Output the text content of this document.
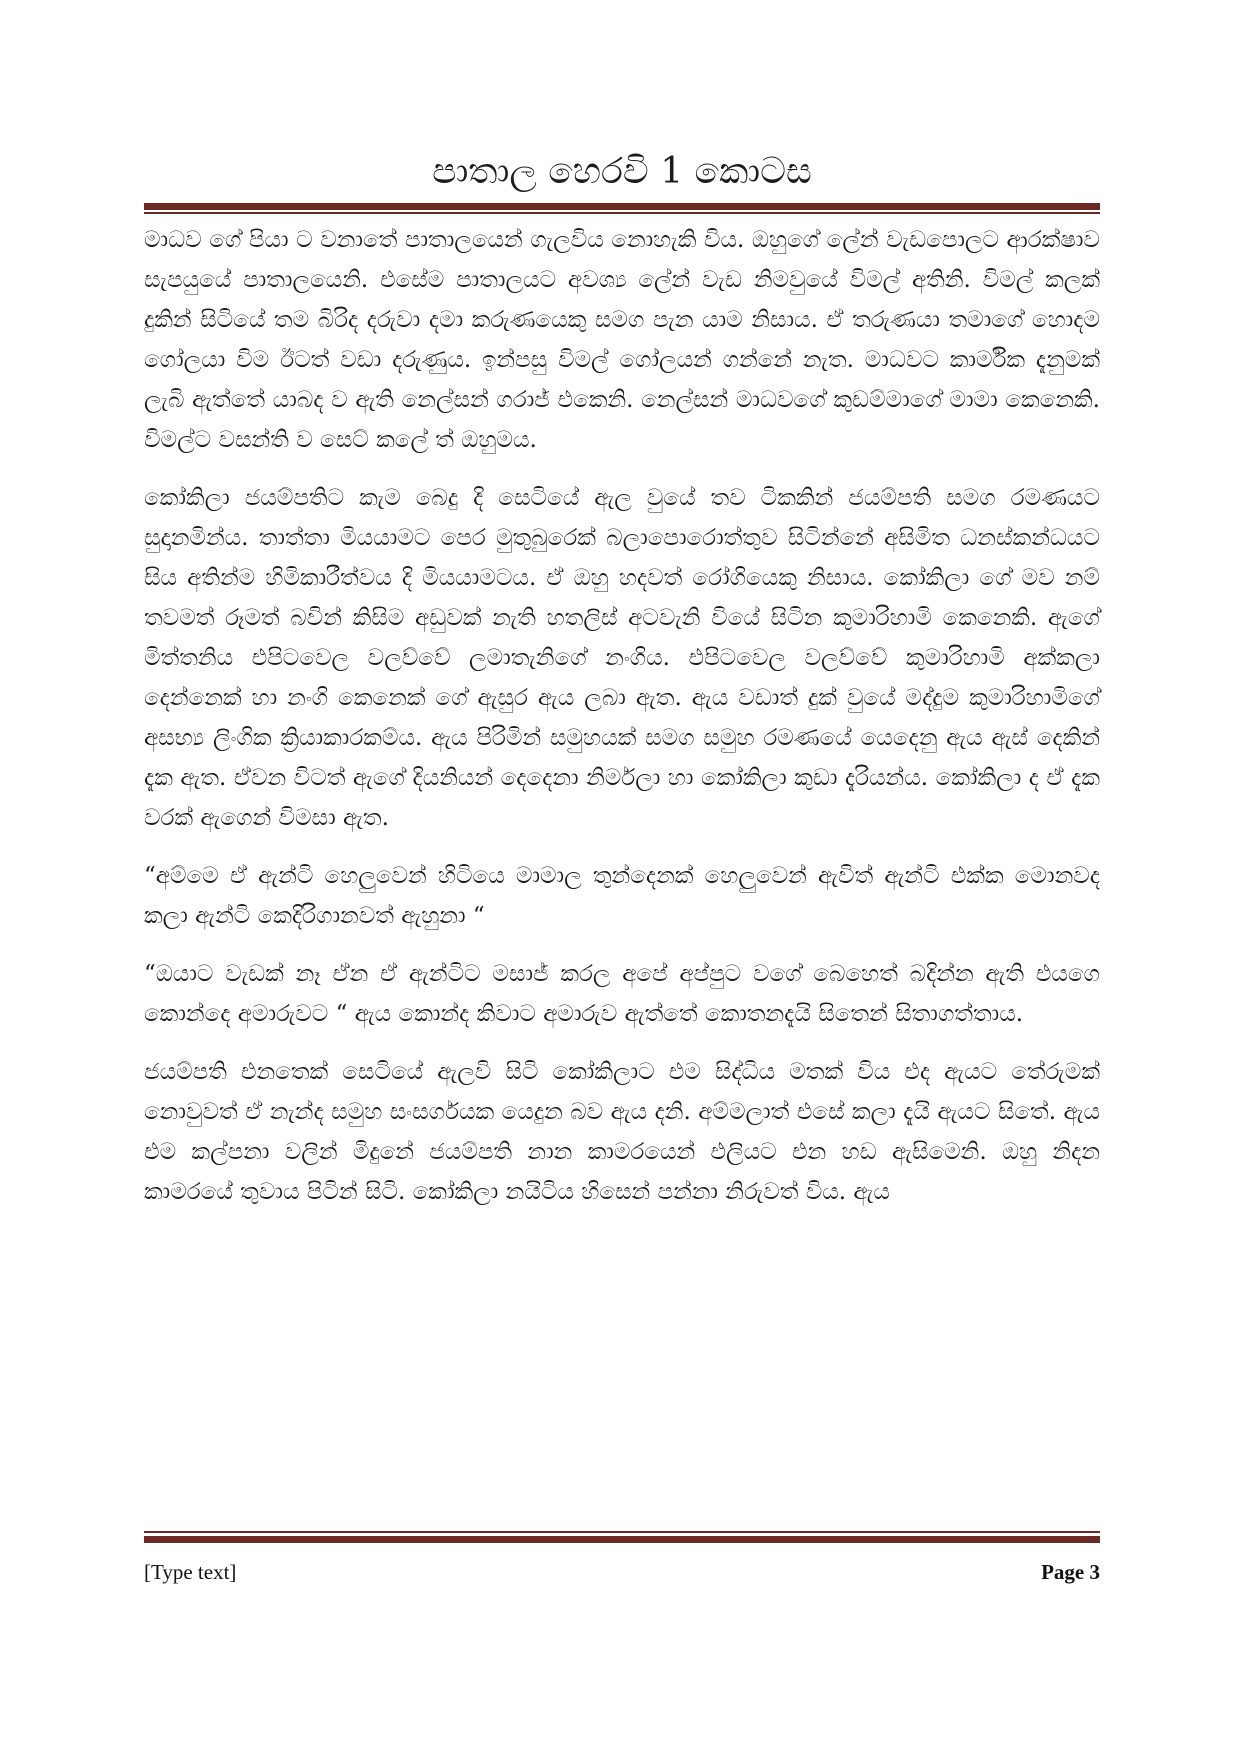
පාතාල හෙරවි 1 කොටස

මාධව ගේ පියා ට වනාතේ පාතාලයෙන් ගැලවිය නොහැකි විය. ඔහුගේ ලේන් වැඩපොලට ආරක්ෂාව සැපයුයේ පාතාලයෙනි. එසේම පාතාලයට අවශ්‍ය ලේන් වැඩ නිමවුයේ විමල් අතිනි. විමල් කලක් දුකින් සිටියේ තම බිරිද දරුවා දමා කරුණයෙකු සමග පැන යාම නිසාය. ඒ තරුණයා තමාගේ හොදම ගෝලයා විම ඊටත් වඩා දරුණුය. ඉන්පසු විමල් ගෝලයන් ගන්නේ නැත. මාධවට කාර්මික දැනුමක් ලැබි ඇත්තේ යාබද ව ඇති නෙල්සන් ගරාජ් එකෙනි. නෙල්සන් මාධවගේ කුඩම්මාගේ මාමා කෙනෙකි. විමල්ට වසන්ති ව සෙට් කලේ ත් ඔහුමය.

කෝකිලා ජයම්පතිට කැම බෙදු දි සෙටියේ ඇල වුයේ තව ටිකකින් ජයම්පති සමග රමණයට සුදානමින්ය. තාත්තා මියයාමට පෙර මුතුබුරෙක් බලාපොරොත්තුව සිටින්නේ අසිමිත ධනස්කන්ධයට සිය අතින්ම හිමිකාරීත්වය දි මියයාමටය. ඒ ඔහු හදවත් රෝගියෙකු නිසාය. කෝකිලා ගේ මව නම් තවමත් රූමත් බවින් කිසිම අඩුවක් නැති හතලිස් අටවැනි වියේ සිටින කුමාරිහාමි කෙනෙකි. ඇගේ මිත්තනිය එපිටවෙල වලව්වේ ලමාතැනිගේ නංගිය. එපිටවෙල වලව්වේ කුමාරිහාමි අක්කලා දෙන්නෙක් හා නංගි කෙනෙක් ගේ ඇසුර ඇය ලබා ඇත. ඇය වඩාත් දුක් වුයේ මද්දුම කුමාරිහාමිගේ අසභ්‍ය ලිංගික ක්‍රියාකාරකම්ය. ඇය පිරිමින් සමුහයක් සමග සමුහ රමණයේ යෙදෙනු ඇය ඇස් දෙකින් දැක ඇත. ඒවන විටත් ඇගේ දියනියන් දෙදෙනා නිර්මලා හා කෝකිලා කුඩා දැරියන්ය. කෝකිලා ද ඒ දැක වරක් ඇගෙන් විමසා ඇත.

“අම්මෙ ඒ ඇන්ටි හෙලුවෙන් හිටියෙ මාමාල තුන්දෙනක් හෙලුවෙන් ඇවිත් ඇන්ටි එක්ක මොනවද කලා ඇන්ටි කෙදිරිගානවත් ඇහුනා “

“ඔයාට වැඩක් නෑ ඒන ඒ ඇන්ටිට මසාජ් කරල අපේ අප්පුට වගේ බෙහෙත් බදින්න ඇති එයගෙ කොන්දෙ අමාරුවට “ ඇය කොන්ද කිවාට අමාරුව ඇත්තේ කොතනදැයි සිතෙන් සිතාගත්තාය.

ජයම්පති එනතෙක් සෙටියේ ඇලවි සිටි කෝකිලාට එම සිද්ධිය මතක් විය එද ඇයට තේරුමක් නොවුවත් ඒ නැන්ද සමුහ සංසර්ගයක යෙදුන බව ඇය දනි. අම්මලාත් එසේ කලා දැයි ඇයට සිතේ. ඇය එම කල්පනා වලින් මිදුනේ ජයම්පති නාන කාමරයෙන් එලියට එන හඩ ඇසිමෙනි. ඔහු නිදන කාමරයේ තුවාය පිටින් සිටි. කෝකිලා නයිටිය හිසෙන් පන්නා නිරුවත් විය. ඇය

[Type text]	Page 3
